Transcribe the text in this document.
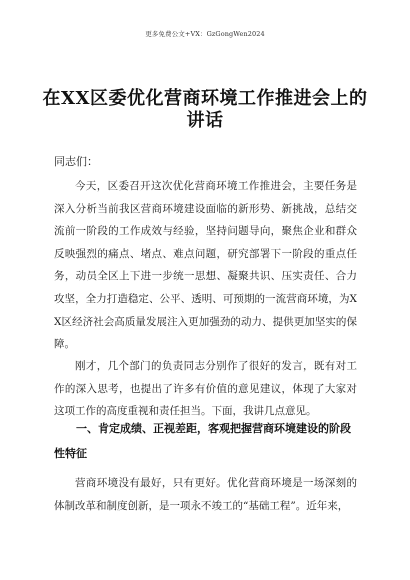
更多免费公文+VX：GzGongWen2024
在XX区委优化营商环境工作推进会上的讲话
同志们：
今天，区委召开这次优化营商环境工作推进会，主要任务是深入分析当前我区营商环境建设面临的新形势、新挑战，总结交流前一阶段的工作成效与经验，坚持问题导向，聚焦企业和群众反映强烈的痛点、堵点、难点问题，研究部署下一阶段的重点任务，动员全区上下进一步统一思想、凝聚共识、压实责任、合力攻坚，全力打造稳定、公平、透明、可预期的一流营商环境，为XX区经济社会高质量发展注入更加强劲的动力、提供更加坚实的保障。
刚才，几个部门的负责同志分别作了很好的发言，既有对工作的深入思考，也提出了许多有价值的意见建议，体现了大家对这项工作的高度重视和责任担当。下面，我讲几点意见。
一、肯定成绩、正视差距，客观把握营商环境建设的阶段性特征
营商环境没有最好，只有更好。优化营商环境是一场深刻的体制改革和制度创新，是一项永不竣工的“基础工程”。近年来，
